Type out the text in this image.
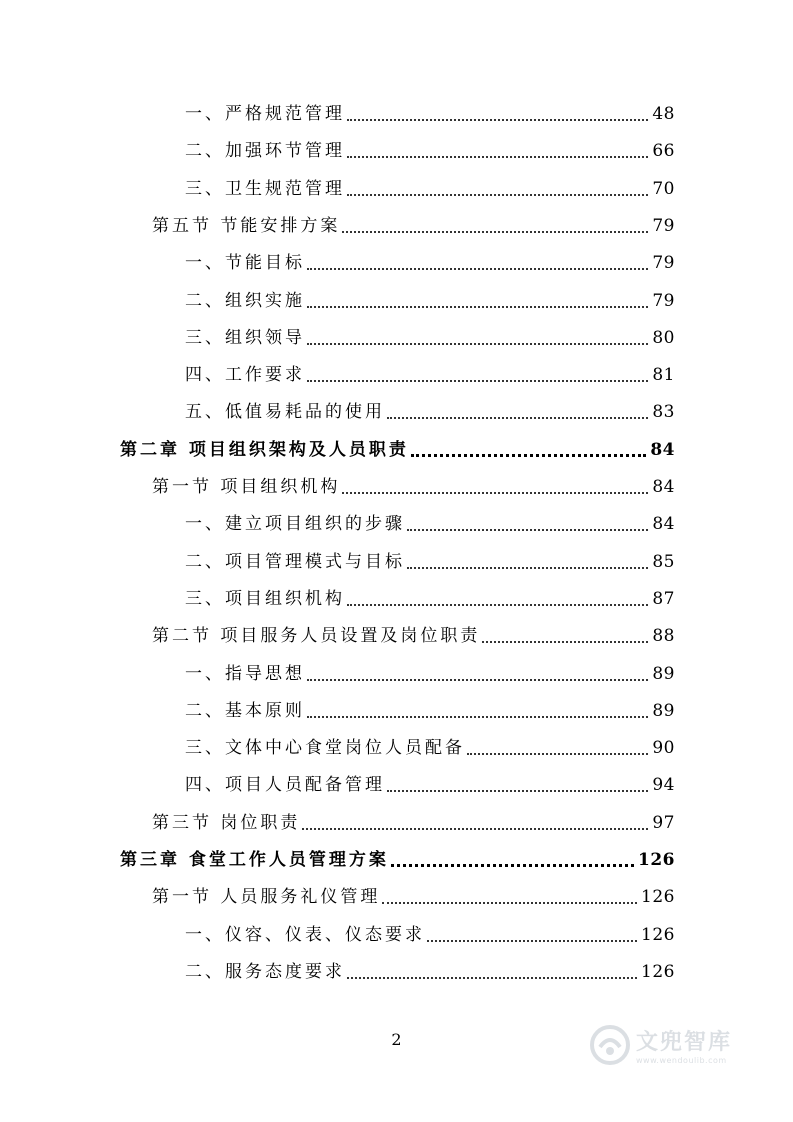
一、严格规范管理	48
二、加强环节管理	66
三、卫生规范管理	70
第五节 节能安排方案	79
一、节能目标	79
二、组织实施	79
三、组织领导	80
四、工作要求	81
五、低值易耗品的使用	83
第二章 项目组织架构及人员职责	84
第一节 项目组织机构	84
一、建立项目组织的步骤	84
二、项目管理模式与目标	85
三、项目组织机构	87
第二节 项目服务人员设置及岗位职责	88
一、指导思想	89
二、基本原则	89
三、文体中心食堂岗位人员配备	90
四、项目人员配备管理	94
第三节 岗位职责	97
第三章 食堂工作人员管理方案	126
第一节 人员服务礼仪管理	126
一、仪容、仪表、仪态要求	126
二、服务态度要求	126
2	文兜智库
www.wendoulib.com
